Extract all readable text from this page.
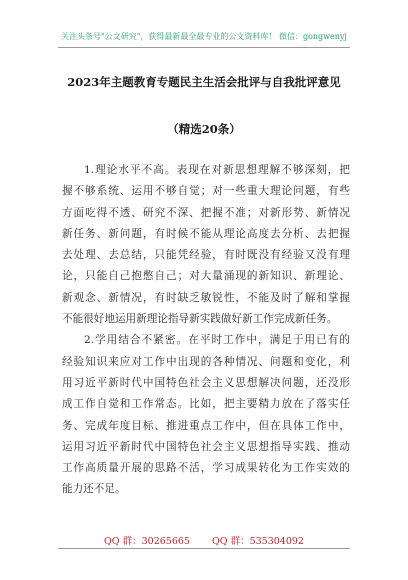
关注头条号"公文研究"，获得最新最全最专业的公文资料库！ 微信：gongwenyj
2023年主题教育专题民主生活会批评与自我批评意见
（精选20条）
1.理论水平不高。表现在对新思想理解不够深刻，把
握不够系统、运用不够自觉；对一些重大理论问题，有些
方面吃得不透、研究不深、把握不准；对新形势、新情况
新任务、新问题，有时候不能从理论高度去分析、去把握
去处理、去总结，只能凭经验，有时既没有经验又没有理
论，只能自己抱憋自己；对大量涌现的新知识、新理论、
新观念、新情况，有时缺乏敏锐性，不能及时了解和掌握
不能很好地运用新理论指导新实践做好新工作完成新任务。
2.学用结合不紧密。在平时工作中，满足于用已有的
经验知识来应对工作中出现的各种情况、问题和变化，利
用习近平新时代中国特色社会主义思想解决问题，还没形
成工作自觉和工作常态。比如，把主要精力放在了落实任
务、完成年度目标、推进重点工作中，但在具体工作中，
运用习近平新时代中国特色社会主义思想指导实践、推动
工作高质量开展的思路不活，学习成果转化为工作实效的
能力还不足。
QQ 群：30265665 QQ 群：535304092
